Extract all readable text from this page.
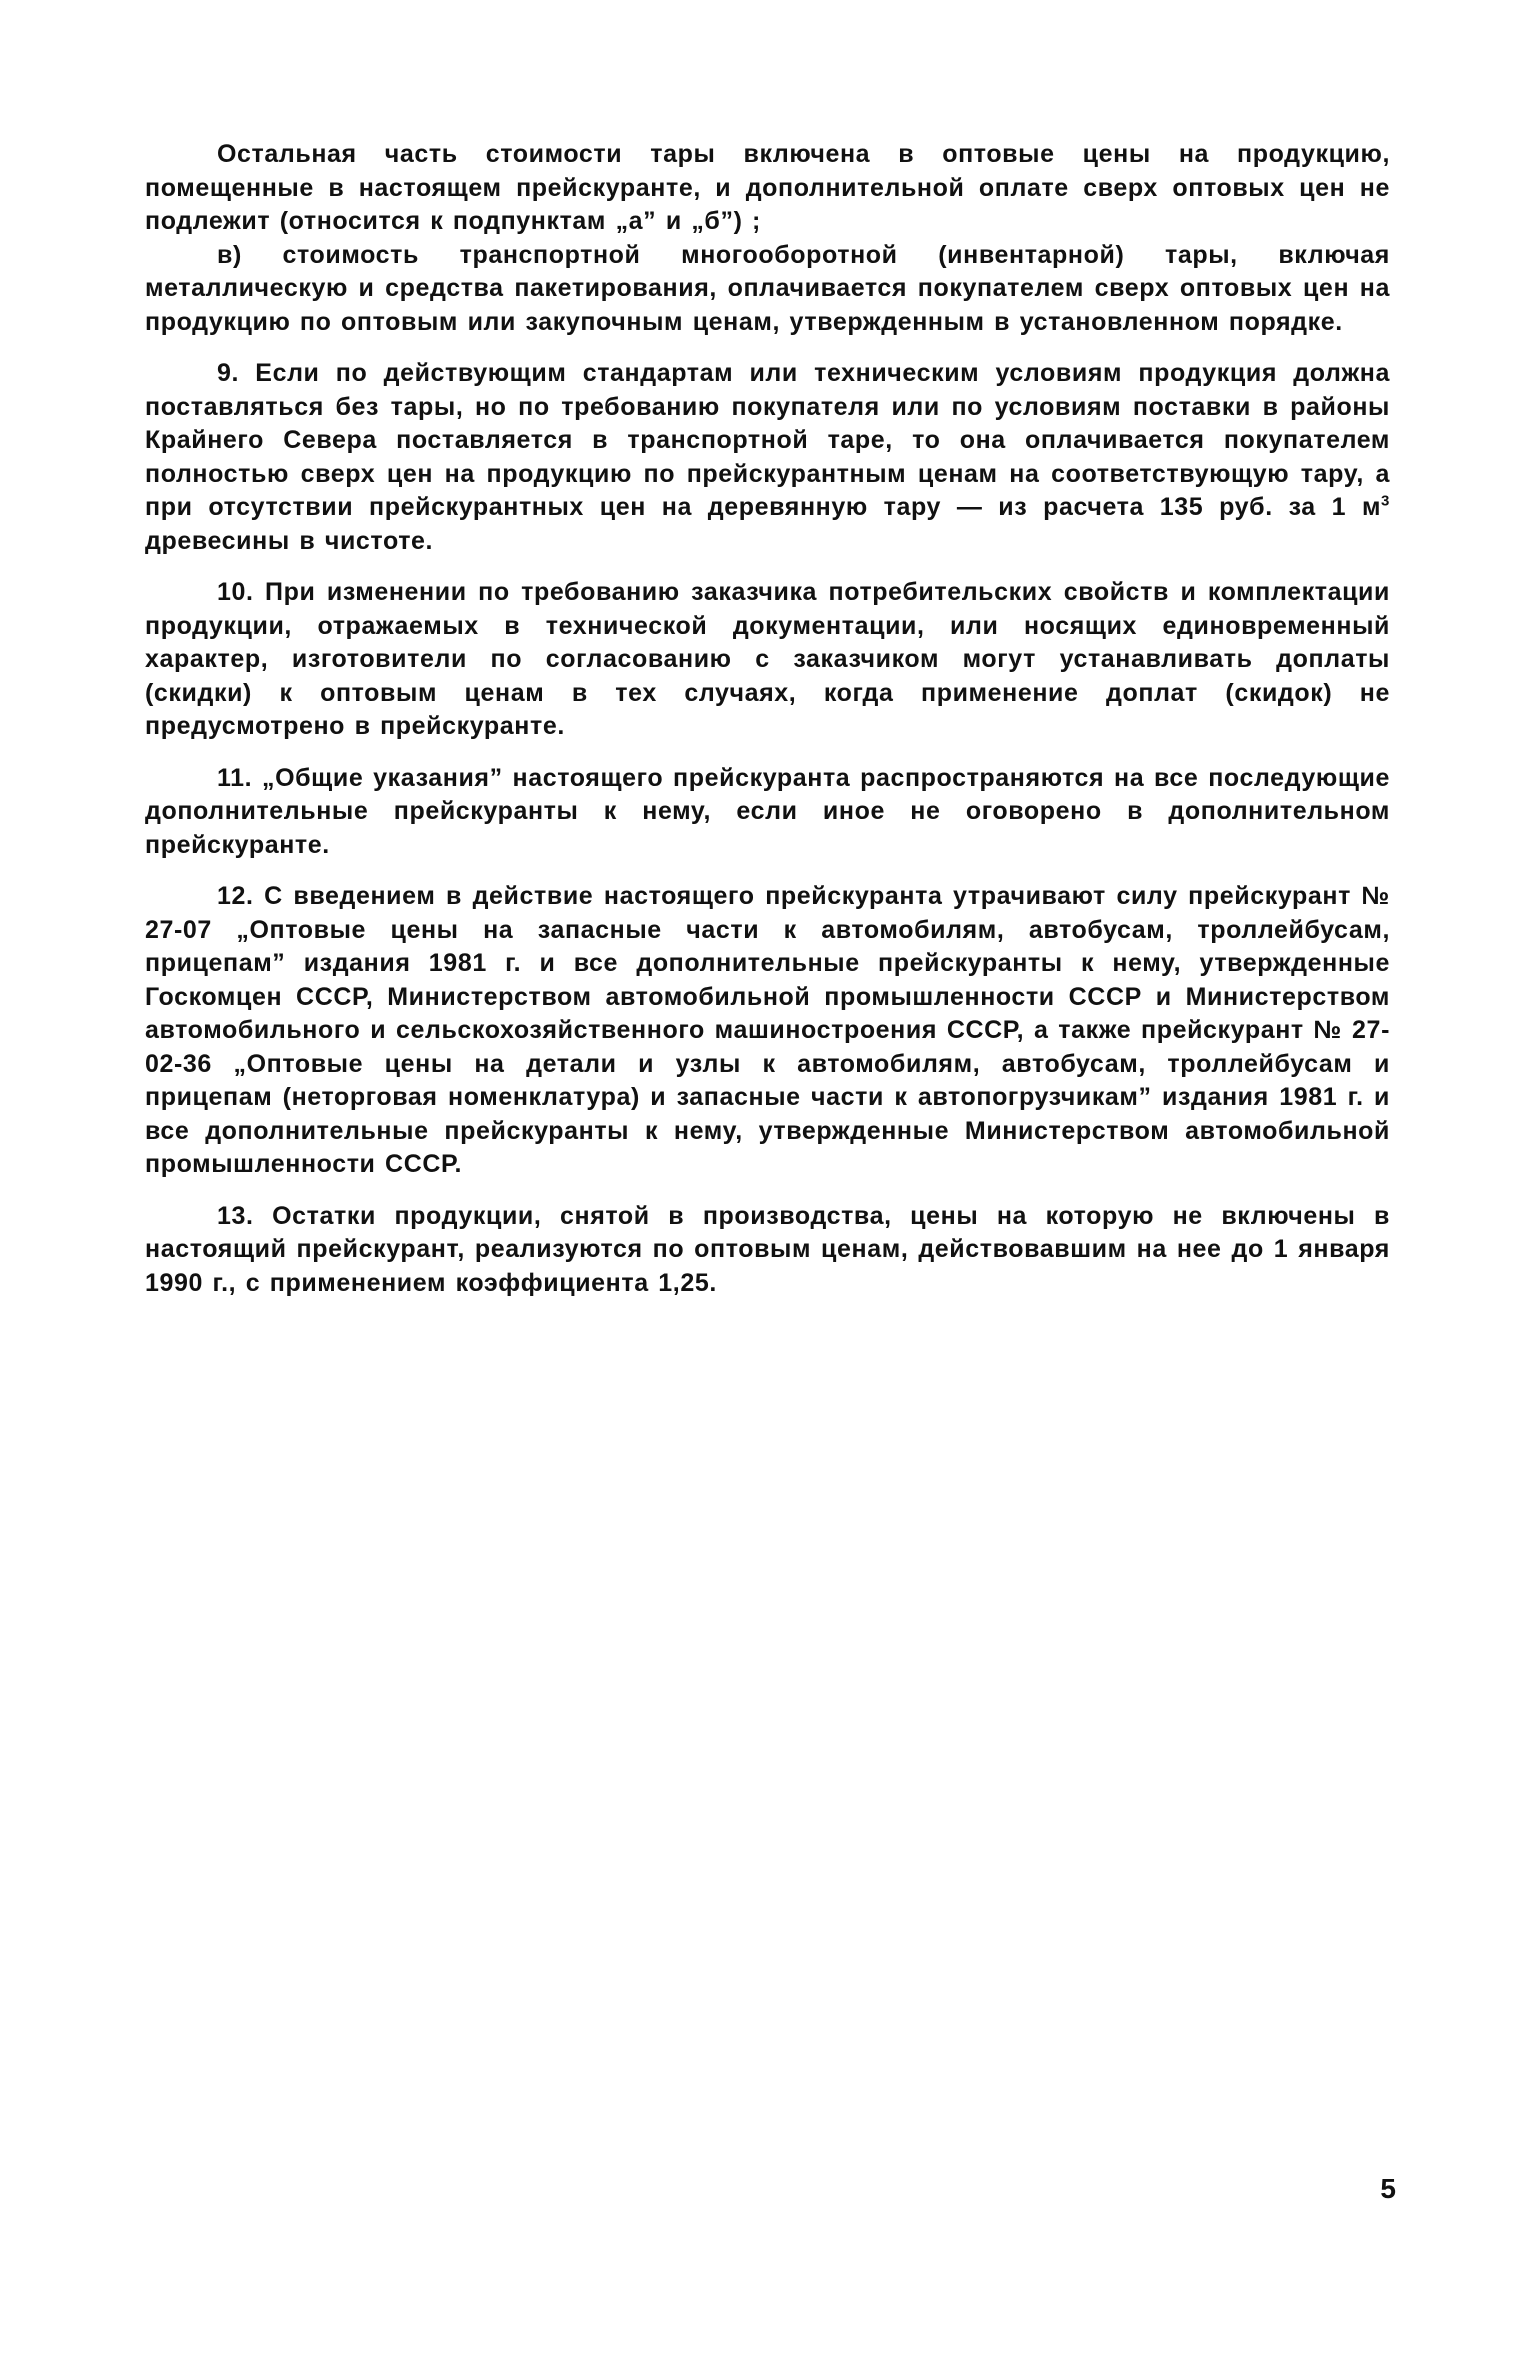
Остальная часть стоимости тары включена в оптовые цены на продукцию, помещенные в настоящем прейскуранте, и дополнительной оплате сверх оптовых цен не подлежит (относится к подпунктам „а” и „б”) ;

в) стоимость транспортной многооборотной (инвентарной) тары, включая металлическую и средства пакетирования, оплачивается покупателем сверх оптовых цен на продукцию по оптовым или закупочным ценам, утвержденным в установленном порядке.

9. Если по действующим стандартам или техническим условиям продукция должна поставляться без тары, но по требованию покупателя или по условиям поставки в районы Крайнего Севера поставляется в транспортной таре, то она оплачивается покупателем полностью сверх цен на продукцию по прейскурантным ценам на соответствующую тару, а при отсутствии прейскурантных цен на деревянную тару — из расчета 135 руб. за 1 $м^3$ древесины в чистоте.

10. При изменении по требованию заказчика потребительских свойств и комплектации продукции, отражаемых в технической документации, или носящих единовременный характер, изготовители по согласованию с заказчиком могут устанавливать доплаты (скидки) к оптовым ценам в тех случаях, когда применение доплат (скидок) не предусмотрено в прейскуранте.

11. „Общие указания” настоящего прейскуранта распространяются на все последующие дополнительные прейскуранты к нему, если иное не оговорено в дополнительном прейскуранте.

12. С введением в действие настоящего прейскуранта утрачивают силу прейскурант № 27-07 „Оптовые цены на запасные части к автомобилям, автобусам, троллейбусам, прицепам” издания 1981 г. и все дополнительные прейскуранты к нему, утвержденные Госкомцен СССР, Министерством автомобильной промышленности СССР и Министерством автомобильного и сельскохозяйственного машиностроения СССР, а также прейскурант № 27-02-36 „Оптовые цены на детали и узлы к автомобилям, автобусам, троллейбусам и прицепам (неторговая номенклатура) и запасные части к автопогрузчикам” издания 1981 г. и все дополнительные прейскуранты к нему, утвержденные Министерством автомобильной промышленности СССР.

13. Остатки продукции, снятой в производства, цены на которую не включены в настоящий прейскурант, реализуются по оптовым ценам, действовавшим на нее до 1 января 1990 г., с применением коэффициента 1,25.

5
